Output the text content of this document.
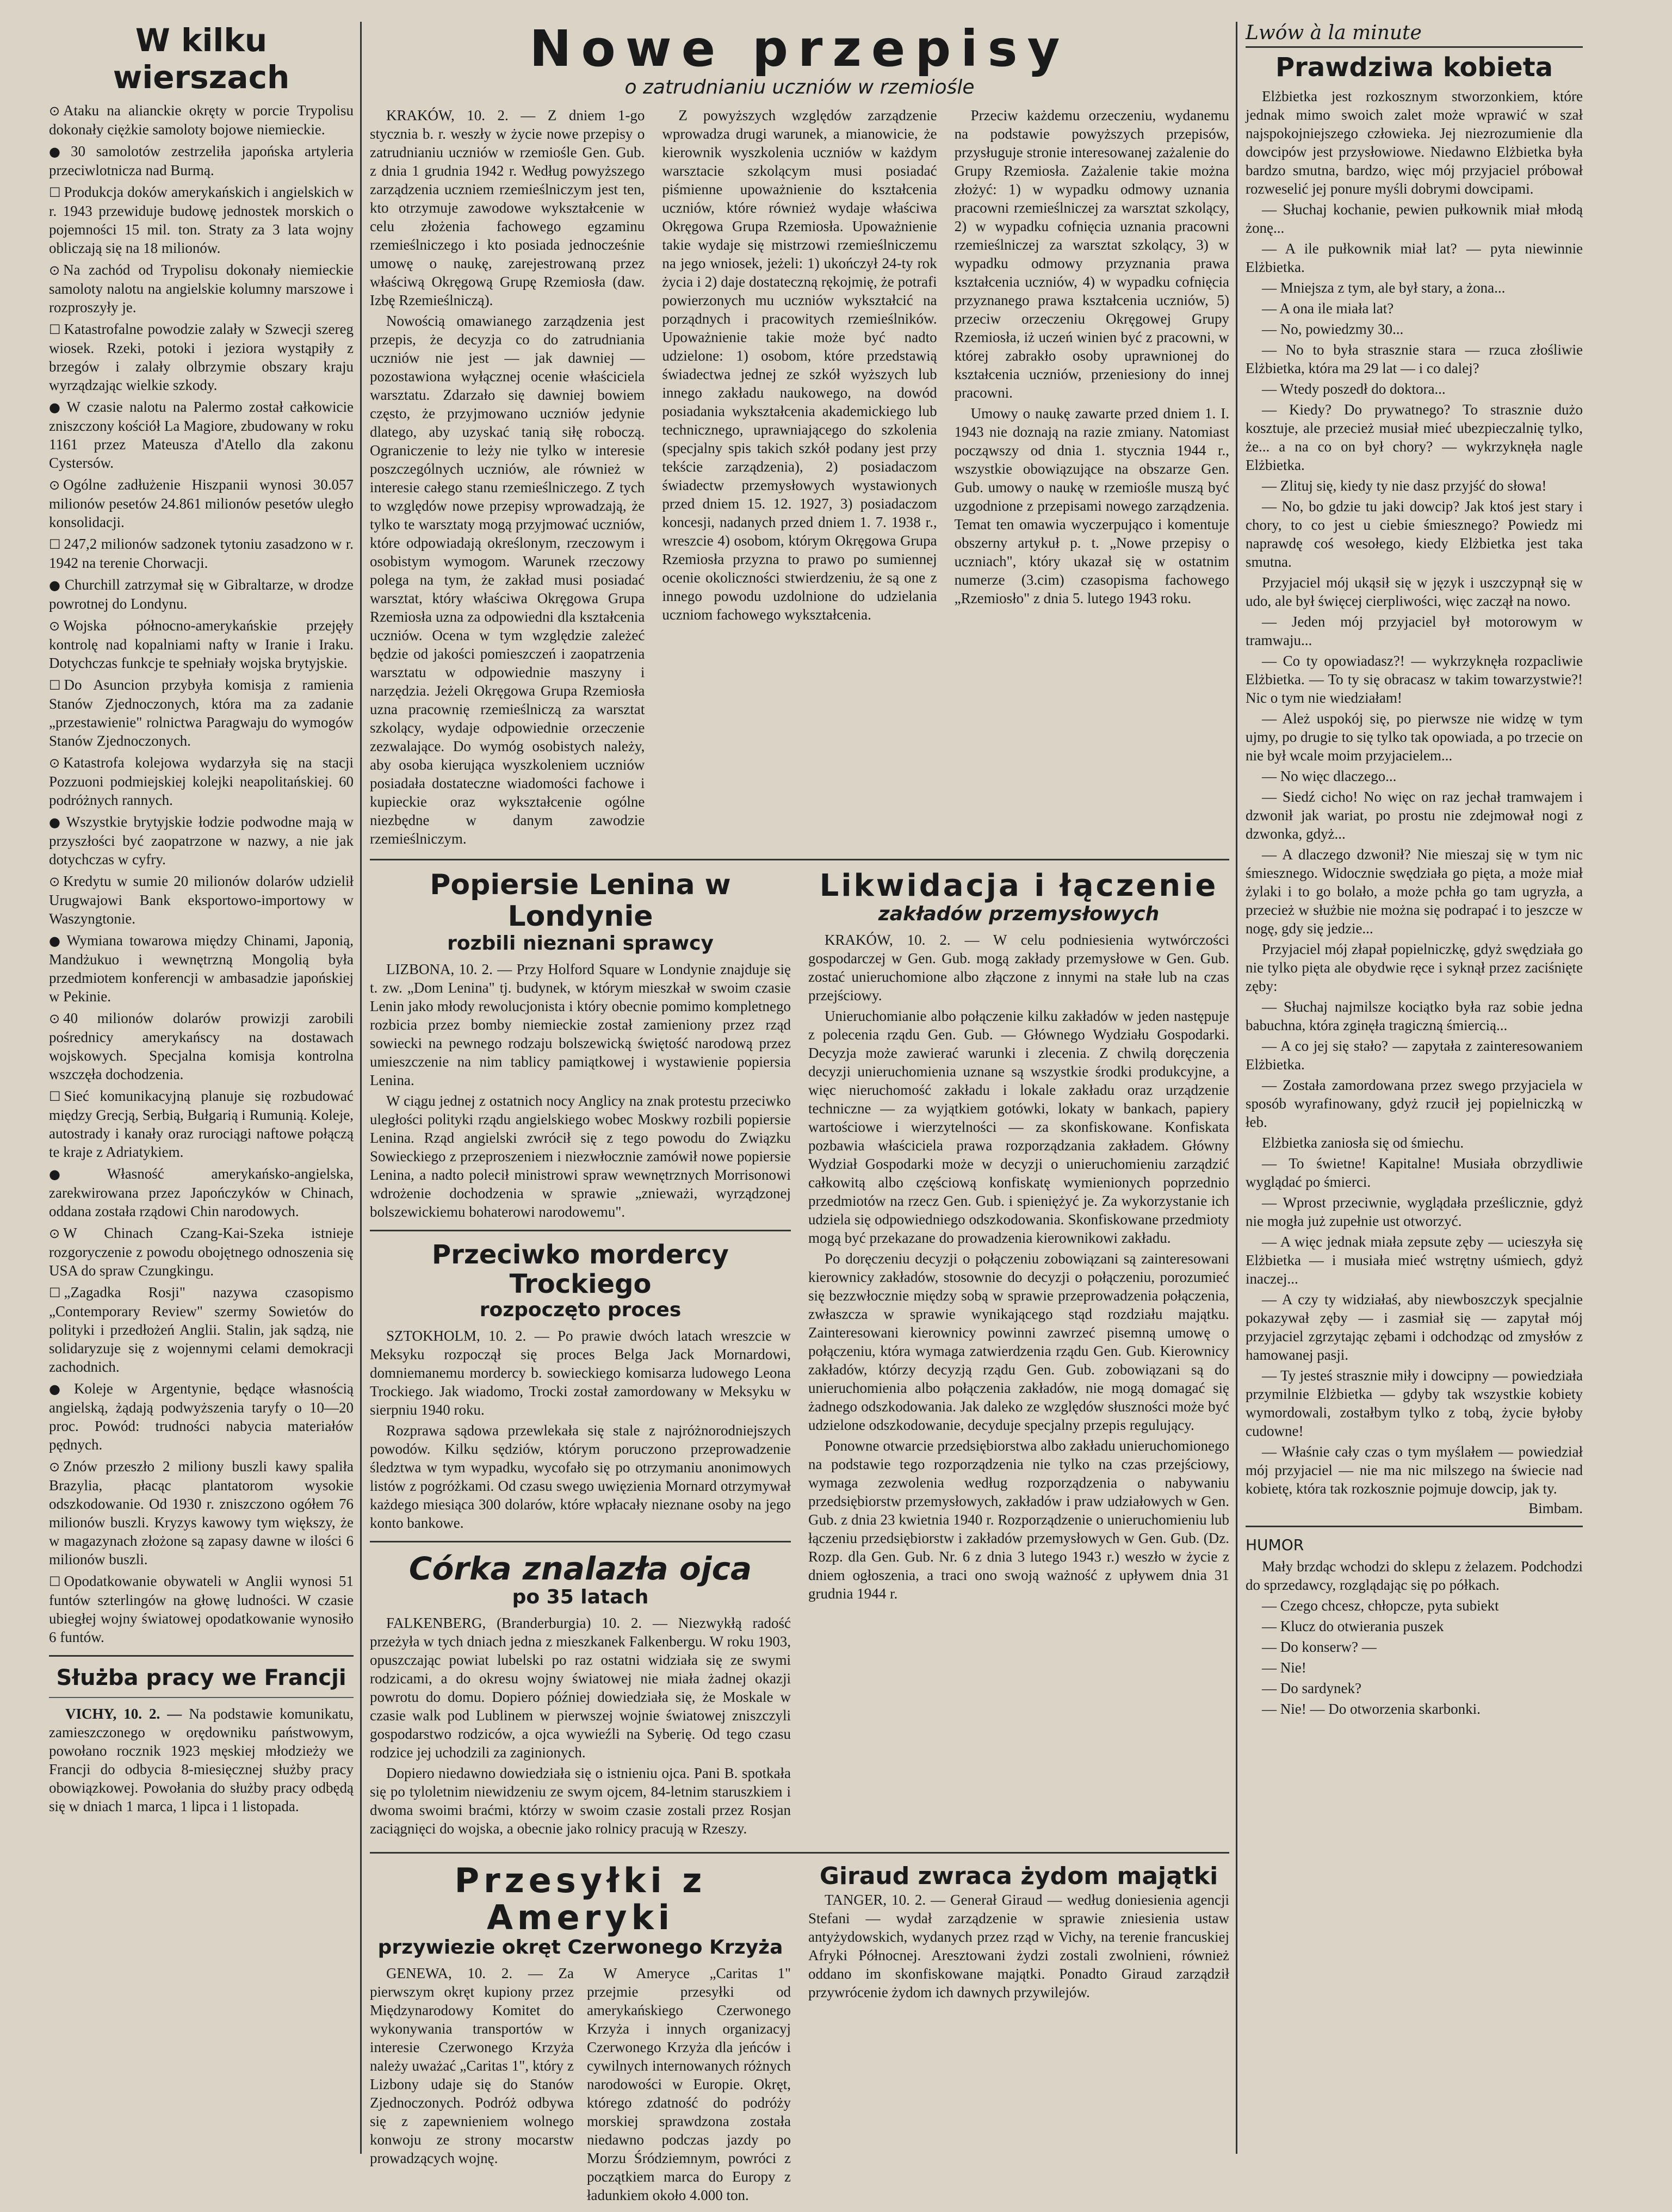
W kilku wierszach

⊙ Ataku na alianckie okręty w porcie Trypolisu dokonały ciężkie samoloty bojowe niemieckie.

● 30 samolotów zestrzeliła japońska artyleria przeciwlotnicza nad Burmą.

☐ Produkcja doków amerykańskich i angielskich w r. 1943 przewiduje budowę jednostek morskich o pojemności 15 mil. ton. Straty za 3 lata wojny obliczają się na 18 milionów.

⊙ Na zachód od Trypolisu dokonały niemieckie samoloty nalotu na angielskie kolumny marszowe i rozproszyły je.

☐ Katastrofalne powodzie zalały w Szwecji szereg wiosek. Rzeki, potoki i jeziora wystąpiły z brzegów i zalały olbrzymie obszary kraju wyrządzając wielkie szkody.

● W czasie nalotu na Palermo został całkowicie zniszczony kościół La Magiore, zbudowany w roku 1161 przez Mateusza d'Atello dla zakonu Cystersów.

⊙ Ogólne zadłużenie Hiszpanii wynosi 30.057 milionów pesetów 24.861 milionów pesetów uległo konsolidacji.

☐ 247,2 milionów sadzonek tytoniu zasadzono w r. 1942 na terenie Chorwacji.

● Churchill zatrzymał się w Gibraltarze, w drodze powrotnej do Londynu.

⊙ Wojska północno-amerykańskie przejęły kontrolę nad kopalniami nafty w Iranie i Iraku. Dotychczas funkcje te spełniały wojska brytyjskie.

☐ Do Asuncion przybyła komisja z ramienia Stanów Zjednoczonych, która ma za zadanie „przestawienie" rolnictwa Paragwaju do wymogów Stanów Zjednoczonych.

⊙ Katastrofa kolejowa wydarzyła się na stacji Pozzuoni podmiejskiej kolejki neapolitańskiej. 60 podróżnych rannych.

● Wszystkie brytyjskie łodzie podwodne mają w przyszłości być zaopatrzone w nazwy, a nie jak dotychczas w cyfry.

⊙ Kredytu w sumie 20 milionów dolarów udzielił Urugwajowi Bank eksportowo-importowy w Waszyngtonie.

● Wymiana towarowa między Chinami, Japonią, Mandżukuo i wewnętrzną Mongolią była przedmiotem konferencji w ambasadzie japońskiej w Pekinie.

⊙ 40 milionów dolarów prowizji zarobili pośrednicy amerykańscy na dostawach wojskowych. Specjalna komisja kontrolna wszczęła dochodzenia.

☐ Sieć komunikacyjną planuje się rozbudować między Grecją, Serbią, Bułgarią i Rumunią. Koleje, autostrady i kanały oraz rurociągi naftowe połączą te kraje z Adriatykiem.

● Własność amerykańsko-angielska, zarekwirowana przez Japończyków w Chinach, oddana została rządowi Chin narodowych.

⊙ W Chinach Czang-Kai-Szeka istnieje rozgoryczenie z powodu obojętnego odnoszenia się USA do spraw Czungkingu.

☐ „Zagadka Rosji" nazywa czasopismo „Contemporary Review" szermy Sowietów do polityki i przedłożeń Anglii. Stalin, jak sądzą, nie solidaryzuje się z wojennymi celami demokracji zachodnich.

● Koleje w Argentynie, będące własnością angielską, żądają podwyższenia taryfy o 10—20 proc. Powód: trudności nabycia materiałów pędnych.

⊙ Znów przeszło 2 miliony buszli kawy spaliła Brazylia, płacąc plantatorom wysokie odszkodowanie. Od 1930 r. zniszczono ogółem 76 milionów buszli. Kryzys kawowy tym większy, że w magazynach złożone są zapasy dawne w ilości 6 milionów buszli.

☐ Opodatkowanie obywateli w Anglii wynosi 51 funtów szterlingów na głowę ludności. W czasie ubiegłej wojny światowej opodatkowanie wynosiło 6 funtów.

Służba pracy we Francji

VICHY, 10. 2. — Na podstawie komunikatu, zamieszczonego w orędowniku państwowym, powołano rocznik 1923 męskiej młodzieży we Francji do odbycia 8-miesięcznej służby pracy obowiązkowej. Powołania do służby pracy odbędą się w dniach 1 marca, 1 lipca i 1 listopada.

Nowe przepisy
o zatrudnianiu uczniów w rzemiośle

KRAKÓW, 10. 2. — Z dniem 1-go stycznia b. r. weszły w życie nowe przepisy o zatrudnianiu uczniów w rzemiośle Gen. Gub. z dnia 1 grudnia 1942 r. Według powyższego zarządzenia uczniem rzemieślniczym jest ten, kto otrzymuje zawodowe wykształcenie w celu złożenia fachowego egzaminu rzemieślniczego i kto posiada jednocześnie umowę o naukę, zarejestrowaną przez właściwą Okręgową Grupę Rzemiosła (daw. Izbę Rzemieślniczą).

Nowością omawianego zarządzenia jest przepis, że decyzja co do zatrudniania uczniów nie jest — jak dawniej — pozostawiona wyłącznej ocenie właściciela warsztatu. Zdarzało się dawniej bowiem często, że przyjmowano uczniów jedynie dlatego, aby uzyskać tanią siłę roboczą. Ograniczenie to leży nie tylko w interesie poszczególnych uczniów, ale również w interesie całego stanu rzemieślniczego. Z tych to względów nowe przepisy wprowadzają, że tylko te warsztaty mogą przyjmować uczniów, które odpowiadają określonym, rzeczowym i osobistym wymogom. Warunek rzeczowy polega na tym, że zakład musi posiadać warsztat, który właściwa Okręgowa Grupa Rzemiosła uzna za odpowiedni dla kształcenia uczniów. Ocena w tym względzie zależeć będzie od jakości pomieszczeń i zaopatrzenia warsztatu w odpowiednie maszyny i narzędzia. Jeżeli Okręgowa Grupa Rzemiosła uzna pracownię rzemieślniczą za warsztat szkolący, wydaje odpowiednie orzeczenie zezwalające. Do wymóg osobistych należy, aby osoba kierująca wyszkoleniem uczniów posiadała dostateczne wiadomości fachowe i kupieckie oraz wykształcenie ogólne niezbędne w danym zawodzie rzemieślniczym.

Z powyższych względów zarządzenie wprowadza drugi warunek, a mianowicie, że kierownik wyszkolenia uczniów w każdym warsztacie szkolącym musi posiadać piśmienne upoważnienie do kształcenia uczniów, które również wydaje właściwa Okręgowa Grupa Rzemiosła. Upoważnienie takie wydaje się mistrzowi rzemieślniczemu na jego wniosek, jeżeli: 1) ukończył 24-ty rok życia i 2) daje dostateczną rękojmię, że potrafi powierzonych mu uczniów wykształcić na porządnych i pracowitych rzemieślników. Upoważnienie takie może być nadto udzielone: 1) osobom, które przedstawią świadectwa jednej ze szkół wyższych lub innego zakładu naukowego, na dowód posiadania wykształcenia akademickiego lub technicznego, uprawniającego do szkolenia (specjalny spis takich szkół podany jest przy tekście zarządzenia), 2) posiadaczom świadectw przemysłowych wystawionych przed dniem 15. 12. 1927, 3) posiadaczom koncesji, nadanych przed dniem 1. 7. 1938 r., wreszcie 4) osobom, którym Okręgowa Grupa Rzemiosła przyzna to prawo po sumiennej ocenie okoliczności stwierdzeniu, że są one z innego powodu uzdolnione do udzielania uczniom fachowego wykształcenia.

Przeciw każdemu orzeczeniu, wydanemu na podstawie powyższych przepisów, przysługuje stronie interesowanej zażalenie do Grupy Rzemiosła. Zażalenie takie można złożyć: 1) w wypadku odmowy uznania pracowni rzemieślniczej za warsztat szkolący, 2) w wypadku cofnięcia uznania pracowni rzemieślniczej za warsztat szkolący, 3) w wypadku odmowy przyznania prawa kształcenia uczniów, 4) w wypadku cofnięcia przyznanego prawa kształcenia uczniów, 5) przeciw orzeczeniu Okręgowej Grupy Rzemiosła, iż uczeń winien być z pracowni, w której zabrakło osoby uprawnionej do kształcenia uczniów, przeniesiony do innej pracowni.

Umowy o naukę zawarte przed dniem 1. I. 1943 nie doznają na razie zmiany. Natomiast począwszy od dnia 1. stycznia 1944 r., wszystkie obowiązujące na obszarze Gen. Gub. umowy o naukę w rzemiośle muszą być uzgodnione z przepisami nowego zarządzenia. Temat ten omawia wyczerpująco i komentuje obszerny artykuł p. t. „Nowe przepisy o uczniach", który ukazał się w ostatnim numerze (3.cim) czasopisma fachowego „Rzemiosło" z dnia 5. lutego 1943 roku.

Popiersie Lenina w Londynie
rozbili nieznani sprawcy

LIZBONA, 10. 2. — Przy Holford Square w Londynie znajduje się t. zw. „Dom Lenina" tj. budynek, w którym mieszkał w swoim czasie Lenin jako młody rewolucjonista i który obecnie pomimo kompletnego rozbicia przez bomby niemieckie został zamieniony przez rząd sowiecki na pewnego rodzaju bolszewicką świętość narodową przez umieszczenie na nim tablicy pamiątkowej i wystawienie popiersia Lenina.

W ciągu jednej z ostatnich nocy Anglicy na znak protestu przeciwko uległości polityki rządu angielskiego wobec Moskwy rozbili popiersie Lenina. Rząd angielski zwrócił się z tego powodu do Związku Sowieckiego z przeproszeniem i niezwłocznie zamówił nowe popiersie Lenina, a nadto polecił ministrowi spraw wewnętrznych Morrisonowi wdrożenie dochodzenia w sprawie „znieważi, wyrządzonej bolszewickiemu bohaterowi narodowemu".

Przeciwko mordercy Trockiego
rozpoczęto proces

SZTOKHOLM, 10. 2. — Po prawie dwóch latach wreszcie w Meksyku rozpoczął się proces Belga Jack Mornardowi, domniemanemu mordercy b. sowieckiego komisarza ludowego Leona Trockiego. Jak wiadomo, Trocki został zamordowany w Meksyku w sierpniu 1940 roku.

Rozprawa sądowa przewlekała się stale z najróżnorodniejszych powodów. Kilku sędziów, którym poruczono przeprowadzenie śledztwa w tym wypadku, wycofało się po otrzymaniu anonimowych listów z pogróżkami. Od czasu swego uwięzienia Mornard otrzymywał każdego miesiąca 300 dolarów, które wpłacały nieznane osoby na jego konto bankowe.

Córka znalazła ojca
po 35 latach

FALKENBERG, (Branderburgia) 10. 2. — Niezwykłą radość przeżyła w tych dniach jedna z mieszkanek Falkenbergu. W roku 1903, opuszczając powiat lubelski po raz ostatni widziała się ze swymi rodzicami, a do okresu wojny światowej nie miała żadnej okazji powrotu do domu. Dopiero później dowiedziała się, że Moskale w czasie walk pod Lublinem w pierwszej wojnie światowej zniszczyli gospodarstwo rodziców, a ojca wywieźli na Syberię. Od tego czasu rodzice jej uchodzili za zaginionych.

Dopiero niedawno dowiedziała się o istnieniu ojca. Pani B. spotkała się po tyloletnim niewidzeniu ze swym ojcem, 84-letnim staruszkiem i dwoma swoimi braćmi, którzy w swoim czasie zostali przez Rosjan zaciągnięci do wojska, a obecnie jako rolnicy pracują w Rzeszy.

Likwidacja i łączenie
zakładów przemysłowych

KRAKÓW, 10. 2. — W celu podniesienia wytwórczości gospodarczej w Gen. Gub. mogą zakłady przemysłowe w Gen. Gub. zostać unieruchomione albo złączone z innymi na stałe lub na czas przejściowy.

Unieruchomianie albo połączenie kilku zakładów w jeden następuje z polecenia rządu Gen. Gub. — Głównego Wydziału Gospodarki. Decyzja może zawierać warunki i zlecenia. Z chwilą doręczenia decyzji unieruchomienia uznane są wszystkie środki produkcyjne, a więc nieruchomość zakładu i lokale zakładu oraz urządzenie techniczne — za wyjątkiem gotówki, lokaty w bankach, papiery wartościowe i wierzytelności — za skonfiskowane. Konfiskata pozbawia właściciela prawa rozporządzania zakładem. Główny Wydział Gospodarki może w decyzji o unieruchomieniu zarządzić całkowitą albo częściową konfiskatę wymienionych poprzednio przedmiotów na rzecz Gen. Gub. i spieniężyć je. Za wykorzystanie ich udziela się odpowiedniego odszkodowania. Skonfiskowane przedmioty mogą być przekazane do prowadzenia kierownikowi zakładu.

Po doręczeniu decyzji o połączeniu zobowiązani są zainteresowani kierownicy zakładów, stosownie do decyzji o połączeniu, porozumieć się bezzwłocznie między sobą w sprawie przeprowadzenia połączenia, zwłaszcza w sprawie wynikającego stąd rozdziału majątku. Zainteresowani kierownicy powinni zawrzeć pisemną umowę o połączeniu, która wymaga zatwierdzenia rządu Gen. Gub. Kierownicy zakładów, którzy decyzją rządu Gen. Gub. zobowiązani są do unieruchomienia albo połączenia zakładów, nie mogą domagać się żadnego odszkodowania. Jak daleko ze względów słuszności może być udzielone odszkodowanie, decyduje specjalny przepis regulujący.

Ponowne otwarcie przedsiębiorstwa albo zakładu unieruchomionego na podstawie tego rozporządzenia nie tylko na czas przejściowy, wymaga zezwolenia według rozporządzenia o nabywaniu przedsiębiorstw przemysłowych, zakładów i praw udziałowych w Gen. Gub. z dnia 23 kwietnia 1940 r. Rozporządzenie o unieruchomieniu lub łączeniu przedsiębiorstw i zakładów przemysłowych w Gen. Gub. (Dz. Rozp. dla Gen. Gub. Nr. 6 z dnia 3 lutego 1943 r.) weszło w życie z dniem ogłoszenia, a traci ono swoją ważność z upływem dnia 31 grudnia 1944 r.

Przesyłki z Ameryki
przywiezie okręt Czerwonego Krzyża

GENEWA, 10. 2. — Za pierwszym okręt kupiony przez Międzynarodowy Komitet do wykonywania transportów w interesie Czerwonego Krzyża należy uważać „Caritas 1", który z Lizbony udaje się do Stanów Zjednoczonych. Podróż odbywa się z zapewnieniem wolnego konwoju ze strony mocarstw prowadzących wojnę.

W Ameryce „Caritas 1" przejmie przesyłki od amerykańskiego Czerwonego Krzyża i innych organizacyj Czerwonego Krzyża dla jeńców i cywilnych internowanych różnych narodowości w Europie. Okręt, którego zdatność do podróży morskiej sprawdzona została niedawno podczas jazdy po Morzu Śródziemnym, powróci z początkiem marca do Europy z ładunkiem około 4.000 ton.

Giraud zwraca żydom majątki

TANGER, 10. 2. — Generał Giraud — według doniesienia agencji Stefani — wydał zarządzenie w sprawie zniesienia ustaw antyżydowskich, wydanych przez rząd w Vichy, na terenie francuskiej Afryki Północnej. Aresztowani żydzi zostali zwolnieni, również oddano im skonfiskowane majątki. Ponadto Giraud zarządził przywrócenie żydom ich dawnych przywilejów.

Lwów à la minute
Prawdziwa kobieta

Elżbietka jest rozkosznym stworzonkiem, które jednak mimo swoich zalet może wprawić w szał najspokojniejszego człowieka. Jej niezrozumienie dla dowcipów jest przysłowiowe. Niedawno Elżbietka była bardzo smutna, bardzo, więc mój przyjaciel próbował rozweselić jej ponure myśli dobrymi dowcipami.

— Słuchaj kochanie, pewien pułkownik miał młodą żonę...

— A ile pułkownik miał lat? — pyta niewinnie Elżbietka.

— Mniejsza z tym, ale był stary, a żona...

— A ona ile miała lat?

— No, powiedzmy 30...

— No to była strasznie stara — rzuca złośliwie Elżbietka, która ma 29 lat — i co dalej?

— Wtedy poszedł do doktora...

— Kiedy? Do prywatnego? To strasznie dużo kosztuje, ale przecież musiał mieć ubezpieczalnię tylko, że... a na co on był chory? — wykrzyknęła nagle Elżbietka.

— Zlituj się, kiedy ty nie dasz przyjść do słowa!

— No, bo gdzie tu jaki dowcip? Jak ktoś jest stary i chory, to co jest u ciebie śmiesznego? Powiedz mi naprawdę coś wesołego, kiedy Elżbietka jest taka smutna.

Przyjaciel mój ukąsił się w język i uszczypnął się w udo, ale był święcej cierpliwości, więc zaczął na nowo.

— Jeden mój przyjaciel był motorowym w tramwaju...

— Co ty opowiadasz?! — wykrzyknęła rozpacliwie Elżbietka. — To ty się obracasz w takim towarzystwie?! Nic o tym nie wiedziałam!

— Ależ uspokój się, po pierwsze nie widzę w tym ujmy, po drugie to się tylko tak opowiada, a po trzecie on nie był wcale moim przyjacielem...

— No więc dlaczego...

— Siedź cicho! No więc on raz jechał tramwajem i dzwonił jak wariat, po prostu nie zdejmował nogi z dzwonka, gdyż...

— A dlaczego dzwonił? Nie mieszaj się w tym nic śmiesznego. Widocznie swędziała go pięta, a może miał żylaki i to go bolało, a może pchła go tam ugryzła, a przecież w służbie nie można się podrapać i to jeszcze w nogę, gdy się jedzie...

Przyjaciel mój złapał popielniczkę, gdyż swędziała go nie tylko pięta ale obydwie ręce i syknął przez zaciśnięte zęby:

— Słuchaj najmilsze kociątko była raz sobie jedna babuchna, która zginęła tragiczną śmiercią...

— A co jej się stało? — zapytała z zainteresowaniem Elżbietka.

— Została zamordowana przez swego przyjaciela w sposób wyrafinowany, gdyż rzucił jej popielniczką w łeb.

Elżbietka zaniosła się od śmiechu.

— To świetne! Kapitalne! Musiała obrzydliwie wyglądać po śmierci.

— Wprost przeciwnie, wyglądała prześlicznie, gdyż nie mogła już zupełnie ust otworzyć.

— A więc jednak miała zepsute zęby — ucieszyła się Elżbietka — i musiała mieć wstrętny uśmiech, gdyż inaczej...

— A czy ty widziałaś, aby niewboszczyk specjalnie pokazywał zęby — i zasmiał się — zapytał mój przyjaciel zgrzytając zębami i odchodząc od zmysłów z hamowanej pasji.

— Ty jesteś strasznie miły i dowcipny — powiedziała przymilnie Elżbietka — gdyby tak wszystkie kobiety wymordowali, zostałbym tylko z tobą, życie byłoby cudowne!

— Właśnie cały czas o tym myślałem — powiedział mój przyjaciel — nie ma nic milszego na świecie nad kobietę, która tak rozkosznie pojmuje dowcip, jak ty.

Bimbam.
HUMOR

Mały brzdąc wchodzi do sklepu z żelazem. Podchodzi do sprzedawcy, rozglądając się po półkach.

— Czego chcesz, chłopcze, pyta subiekt

— Klucz do otwierania puszek

— Do konserw? —

— Nie!

— Do sardynek?

— Nie! — Do otworzenia skarbonki.
